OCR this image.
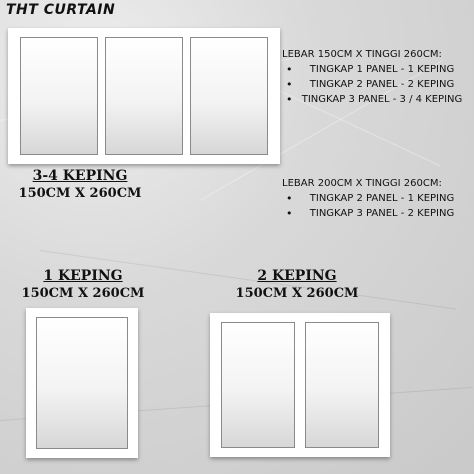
THT CURTAIN
3-4 KEPING
150CM X 260CM
LEBAR 150CM X TINGGI 260CM:
• TINGKAP 1 PANEL - 1 KEPING
• TINGKAP 2 PANEL - 2 KEPING
• TINGKAP 3 PANEL - 3 / 4 KEPING
LEBAR 200CM X TINGGI 260CM:
• TINGKAP 2 PANEL - 1 KEPING
• TINGKAP 3 PANEL - 2 KEPING
1 KEPING
150CM X 260CM
2 KEPING
150CM X 260CM
